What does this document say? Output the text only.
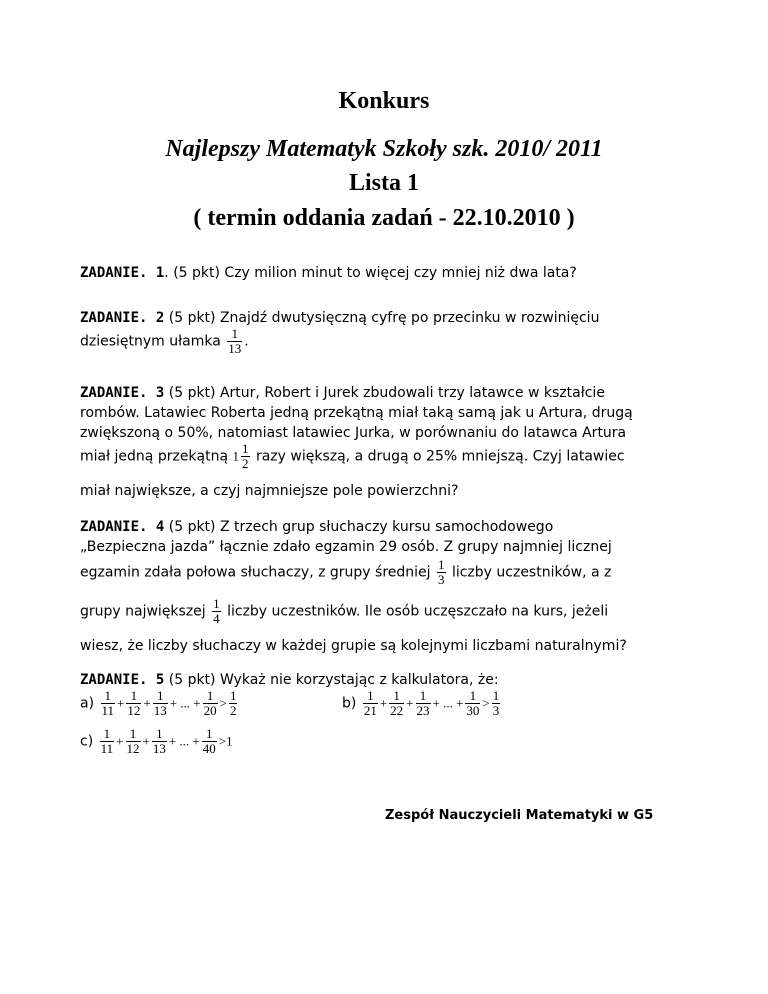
Konkurs
Najlepszy Matematyk Szkoły szk. 2010/ 2011
Lista 1
( termin oddania zadań - 22.10.2010 )

ZADANIE. 1. (5 pkt) Czy milion minut to więcej czy mniej niż dwa lata?

ZADANIE. 2 (5 pkt) Znajdź dwutysięczną cyfrę po przecinku w rozwinięciu

dziesiętnym ułamka $\frac{1}{13}$ .

ZADANIE. 3 (5 pkt) Artur, Robert i Jurek zbudowali trzy latawce w kształcie

rombów. Latawiec Roberta jedną przekątną miał taką samą jak u Artura, drugą

zwiększoną o 50%, natomiast latawiec Jurka, w porównaniu do latawca Artura

miał jedną przekątną $1 \frac{1}{2}$ razy większą, a drugą o 25% mniejszą. Czyj latawiec

miał największe, a czyj najmniejsze pole powierzchni?

ZADANIE. 4 (5 pkt) Z trzech grup słuchaczy kursu samochodowego

„Bezpieczna jazda” łącznie zdało egzamin 29 osób. Z grupy najmniej licznej

egzamin zdała połowa słuchaczy, z grupy średniej $\frac{1}{3}$ liczby uczestników, a z

grupy największej $\frac{1}{4}$ liczby uczestników. Ile osób uczęszczało na kurs, jeżeli

wiesz, że liczby słuchaczy w każdej grupie są kolejnymi liczbami naturalnymi?

ZADANIE. 5 (5 pkt) Wykaż nie korzystając z kalkulatora, że:

$a) \frac{1}{11} + \frac{1}{12} + \frac{1}{13}$ + ... + $\frac{1}{20} > \frac{1}{2}$	$b) \frac{1}{21} + \frac{1}{22} + \frac{1}{23}$ + ... + $\frac{1}{30} > \frac{1}{3}$

$c) \frac{1}{11} + \frac{1}{12} + \frac{1}{13}$ + ... + $\frac{1}{40} >1$

Zespół Nauczycieli Matematyki w G5
